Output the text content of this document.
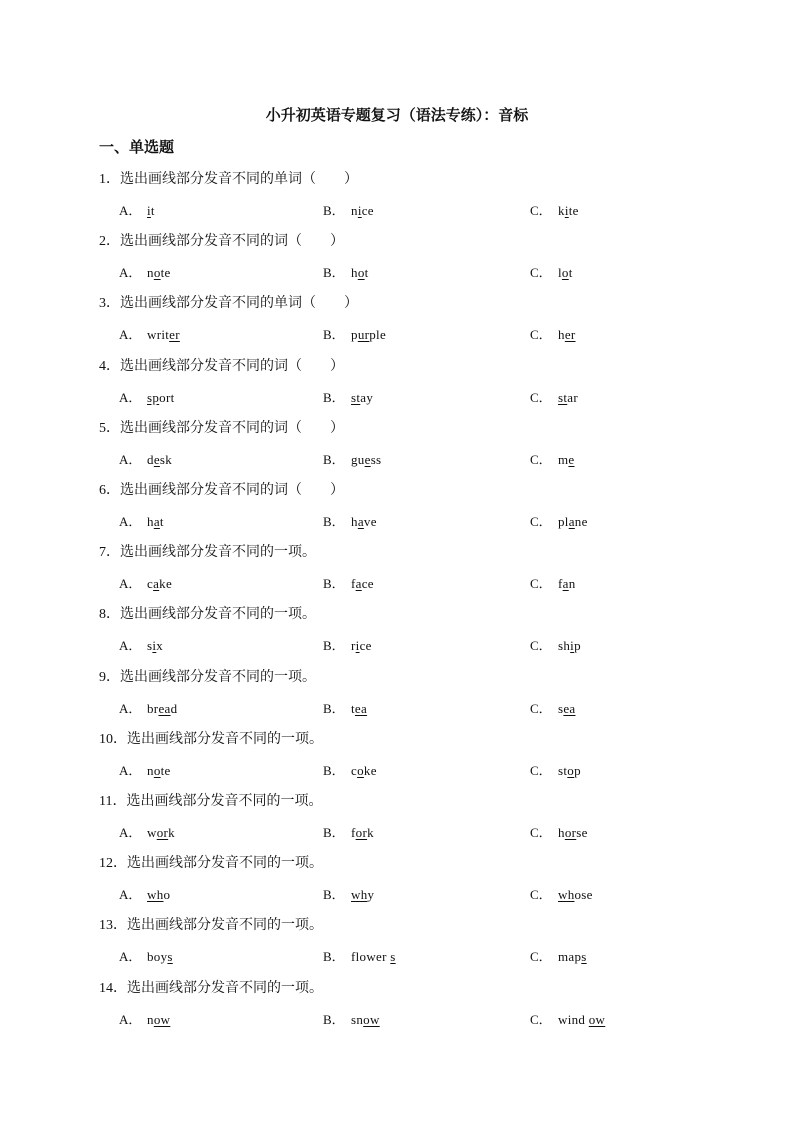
小升初英语专题复习（语法专练）：音标
一、单选题
1．选出画线部分发音不同的单词（　　）
A． it	B． nice	C． kite
2．选出画线部分发音不同的词（　　）
A． note	B． hot	C． lot
3．选出画线部分发音不同的单词（　　）
A． writer	B． purple	C． her
4．选出画线部分发音不同的词（　　）
A． sport	B． stay	C． star
5．选出画线部分发音不同的词（　　）
A． desk	B． guess	C． me
6．选出画线部分发音不同的词（　　）
A． hat	B． have	C． plane
7．选出画线部分发音不同的一项。
A． cake	B． face	C． fan
8．选出画线部分发音不同的一项。
A． six	B． rice	C． ship
9．选出画线部分发音不同的一项。
A． bread	B． tea	C． sea
10．选出画线部分发音不同的一项。
A． note	B． coke	C． stop
11．选出画线部分发音不同的一项。
A． work	B． fork	C． horse
12．选出画线部分发音不同的一项。
A． who	B． why	C． whose
13．选出画线部分发音不同的一项。
A． boys	B． flower s	C． maps
14．选出画线部分发音不同的一项。
A． now	B． snow	C． wind ow
